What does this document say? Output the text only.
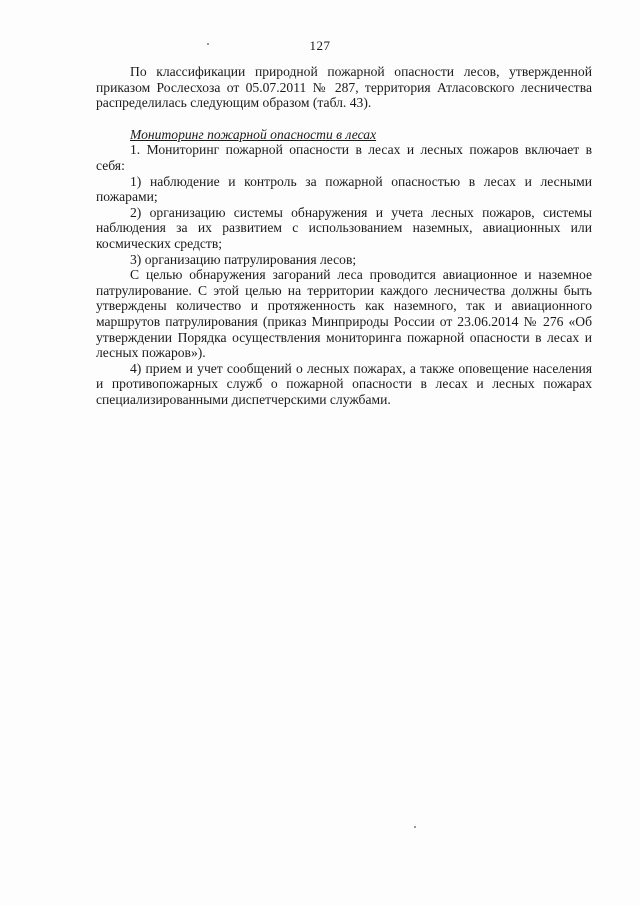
127

По классификации природной пожарной опасности лесов, утвержденной приказом Рослесхоза от 05.07.2011 № 287, территория Атласовского лесничества распределилась следующим образом (табл. 43).

Мониторинг пожарной опасности в лесах

1. Мониторинг пожарной опасности в лесах и лесных пожаров включает в себя:

1) наблюдение и контроль за пожарной опасностью в лесах и лесными пожарами;

2) организацию системы обнаружения и учета лесных пожаров, системы наблюдения за их развитием с использованием наземных, авиационных или космических средств;

3) организацию патрулирования лесов;

С целью обнаружения загораний леса проводится авиационное и наземное патрулирование. С этой целью на территории каждого лесничества должны быть утверждены количество и протяженность как наземного, так и авиационного маршрутов патрулирования (приказ Минприроды России от 23.06.2014 № 276 «Об утверждении Порядка осуществления мониторинга пожарной опасности в лесах и лесных пожаров»).

4) прием и учет сообщений о лесных пожарах, а также оповещение населения и противопожарных служб о пожарной опасности в лесах и лесных пожарах специализированными диспетчерскими службами.
